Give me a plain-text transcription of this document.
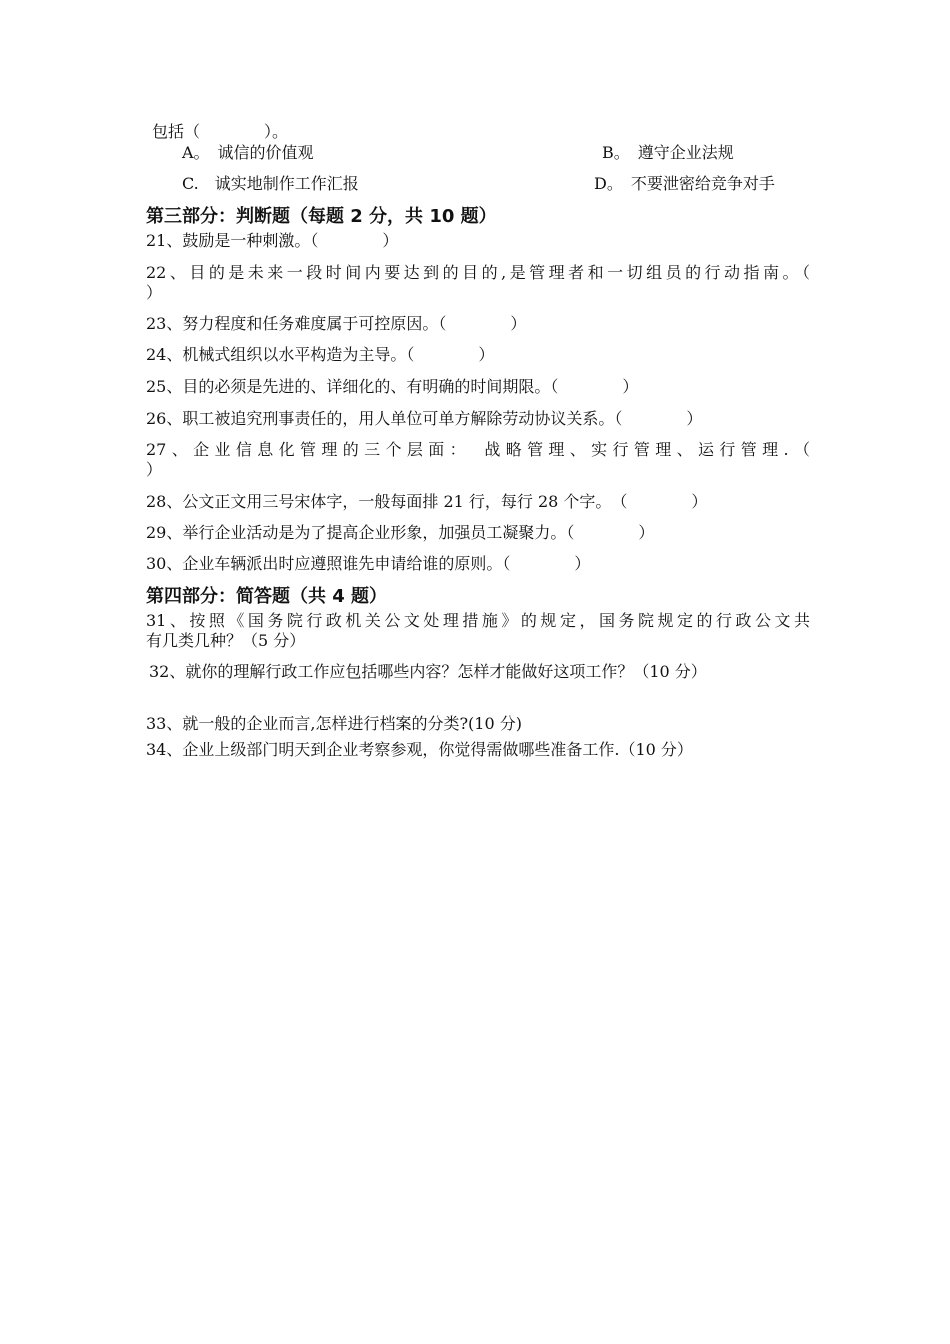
包括（　　　　）。
A。　诚信的价值观	B。　遵守企业法规
C.　诚实地制作工作汇报	D。　不要泄密给竞争对手
第三部分：判断题（每题 2 分，共 10 题）
21、鼓励是一种刺激。（　　　　）
22、目的是未来一段时间内要达到的目的,是管理者和一切组员的行动指南。（
）
23、努力程度和任务难度属于可控原因。（　　　　）
24、机械式组织以水平构造为主导。（　　　　）
25、目的必须是先进的、详细化的、有明确的时间期限。（　　　　）
26、职工被追究刑事责任的，用人单位可单方解除劳动协议关系。（　　　　）
27、企业信息化管理的三个层面：　战略管理、实行管理、运行管理.（
）
28、公文正文用三号宋体字，一般每面排 21 行，每行 28 个字。　（　　　　）
29、举行企业活动是为了提高企业形象，加强员工凝聚力。（　　　　）
30、企业车辆派出时应遵照谁先申请给谁的原则。（　　　　）
第四部分：简答题（共 4 题）
31、按照《国务院行政机关公文处理措施》的规定，国务院规定的行政公文共
有几类几种？（5 分）
32、就你的理解行政工作应包括哪些内容？怎样才能做好这项工作？（10 分）
33、就一般的企业而言,怎样进行档案的分类?(10 分)
34、企业上级部门明天到企业考察参观，你觉得需做哪些准备工作.（10 分）
